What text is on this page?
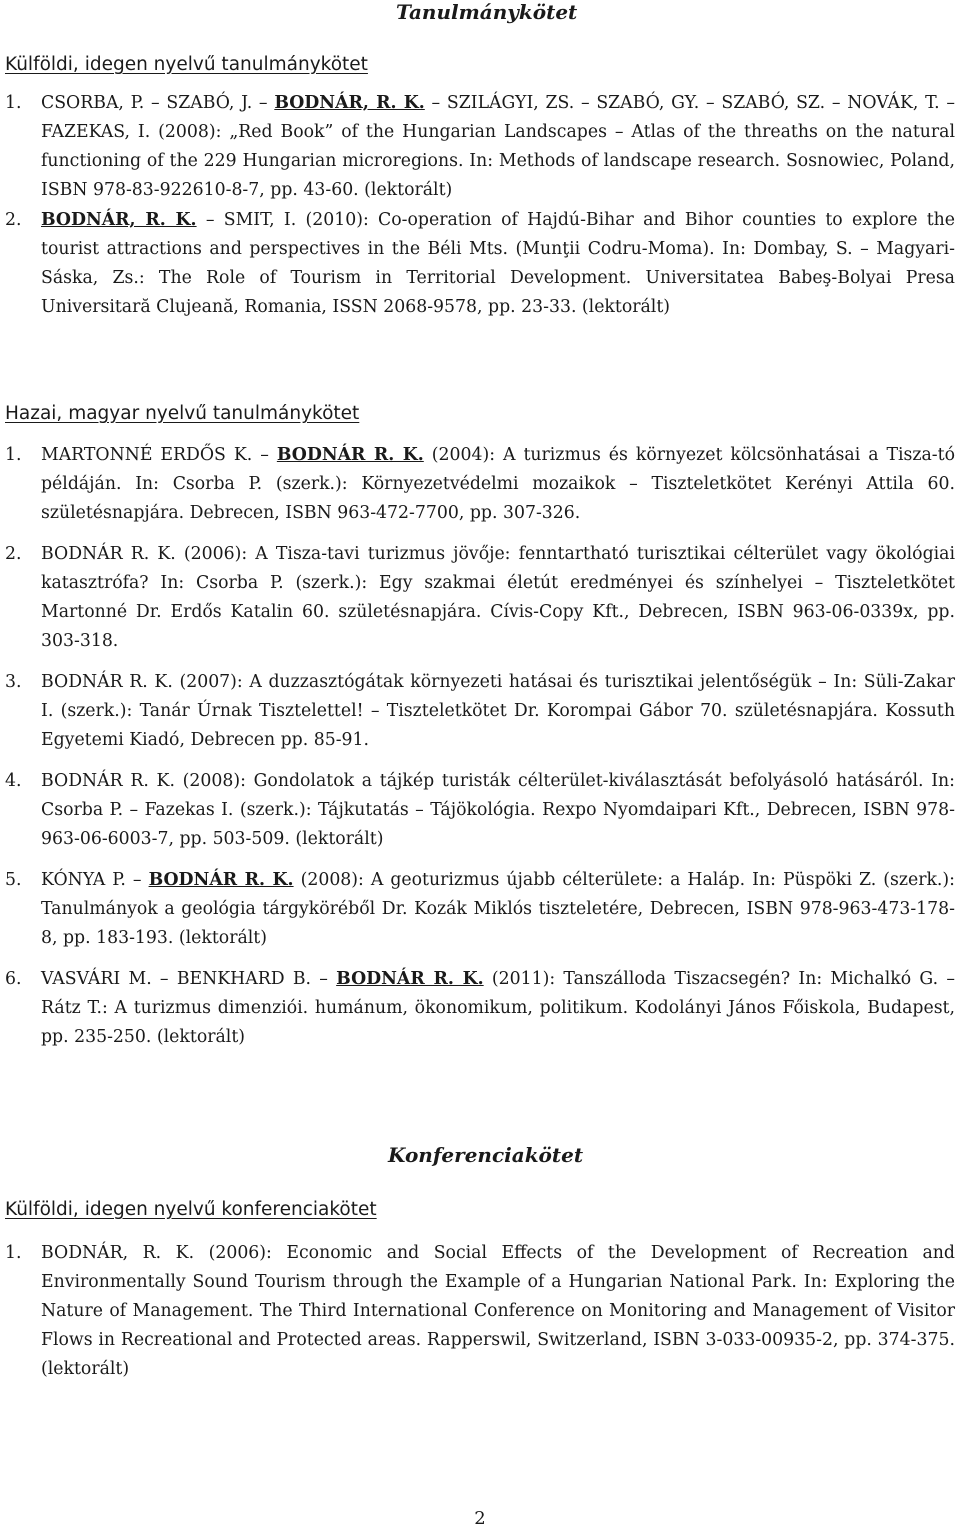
Tanulmánykötet
Külföldi, idegen nyelvű tanulmánykötet
1.	CSORBA, P. – SZABÓ, J. – BODNÁR, R. K. – SZILÁGYI, ZS. – SZABÓ, GY. – SZABÓ, SZ. – NOVÁK, T. – FAZEKAS, I. (2008): „Red Book” of the Hungarian Landscapes – Atlas of the threaths on the natural functioning of the 229 Hungarian microregions. In: Methods of landscape research. Sosnowiec, Poland, ISBN 978-83-922610-8-7, pp. 43-60. (lektorált)
2.	BODNÁR, R. K. – SMIT, I. (2010): Co-operation of Hajdú-Bihar and Bihor counties to explore the tourist attractions and perspectives in the Béli Mts. (Munţii Codru-Moma). In: Dombay, S. – Magyari-Sáska, Zs.: The Role of Tourism in Territorial Development. Universitatea Babeş-Bolyai Presa Universitară Clujeană, Romania, ISSN 2068-9578, pp. 23-33. (lektorált)
Hazai, magyar nyelvű tanulmánykötet
1.	MARTONNÉ ERDŐS K. – BODNÁR R. K. (2004): A turizmus és környezet kölcsönhatásai a Tisza-tó példáján. In: Csorba P. (szerk.): Környezetvédelmi mozaikok – Tiszteletkötet Kerényi Attila 60. születésnapjára. Debrecen, ISBN 963-472-7700, pp. 307-326.
2.	BODNÁR R. K. (2006): A Tisza-tavi turizmus jövője: fenntartható turisztikai célterület vagy ökológiai katasztrófa? In: Csorba P. (szerk.): Egy szakmai életút eredményei és színhelyei – Tiszteletkötet Martonné Dr. Erdős Katalin 60. születésnapjára. Cívis-Copy Kft., Debrecen, ISBN 963-06-0339x, pp. 303-318.
3.	BODNÁR R. K. (2007): A duzzasztógátak környezeti hatásai és turisztikai jelentőségük – In: Süli-Zakar I. (szerk.): Tanár Úrnak Tisztelettel! – Tiszteletkötet Dr. Korompai Gábor 70. születésnapjára. Kossuth Egyetemi Kiadó, Debrecen pp. 85-91.
4.	BODNÁR R. K. (2008): Gondolatok a tájkép turisták célterület-kiválasztását befolyásoló hatásáról. In: Csorba P. – Fazekas I. (szerk.): Tájkutatás – Tájökológia. Rexpo Nyomdaipari Kft., Debrecen, ISBN 978-963-06-6003-7, pp. 503-509. (lektorált)
5.	KÓNYA P. – BODNÁR R. K. (2008): A geoturizmus újabb célterülete: a Haláp. In: Püspöki Z. (szerk.): Tanulmányok a geológia tárgyköréből Dr. Kozák Miklós tiszteletére, Debrecen, ISBN 978-963-473-178-8, pp. 183-193. (lektorált)
6.	VASVÁRI M. – BENKHARD B. – BODNÁR R. K. (2011): Tanszálloda Tiszacsegén? In: Michalkó G. – Rátz T.: A turizmus dimenziói. humánum, ökonomikum, politikum. Kodolányi János Főiskola, Budapest, pp. 235-250. (lektorált)
Konferenciakötet
Külföldi, idegen nyelvű konferenciakötet
1.	BODNÁR, R. K. (2006): Economic and Social Effects of the Development of Recreation and Environmentally Sound Tourism through the Example of a Hungarian National Park. In: Exploring the Nature of Management. The Third International Conference on Monitoring and Management of Visitor Flows in Recreational and Protected areas. Rapperswil, Switzerland, ISBN 3-033-00935-2, pp. 374-375. (lektorált)
2
